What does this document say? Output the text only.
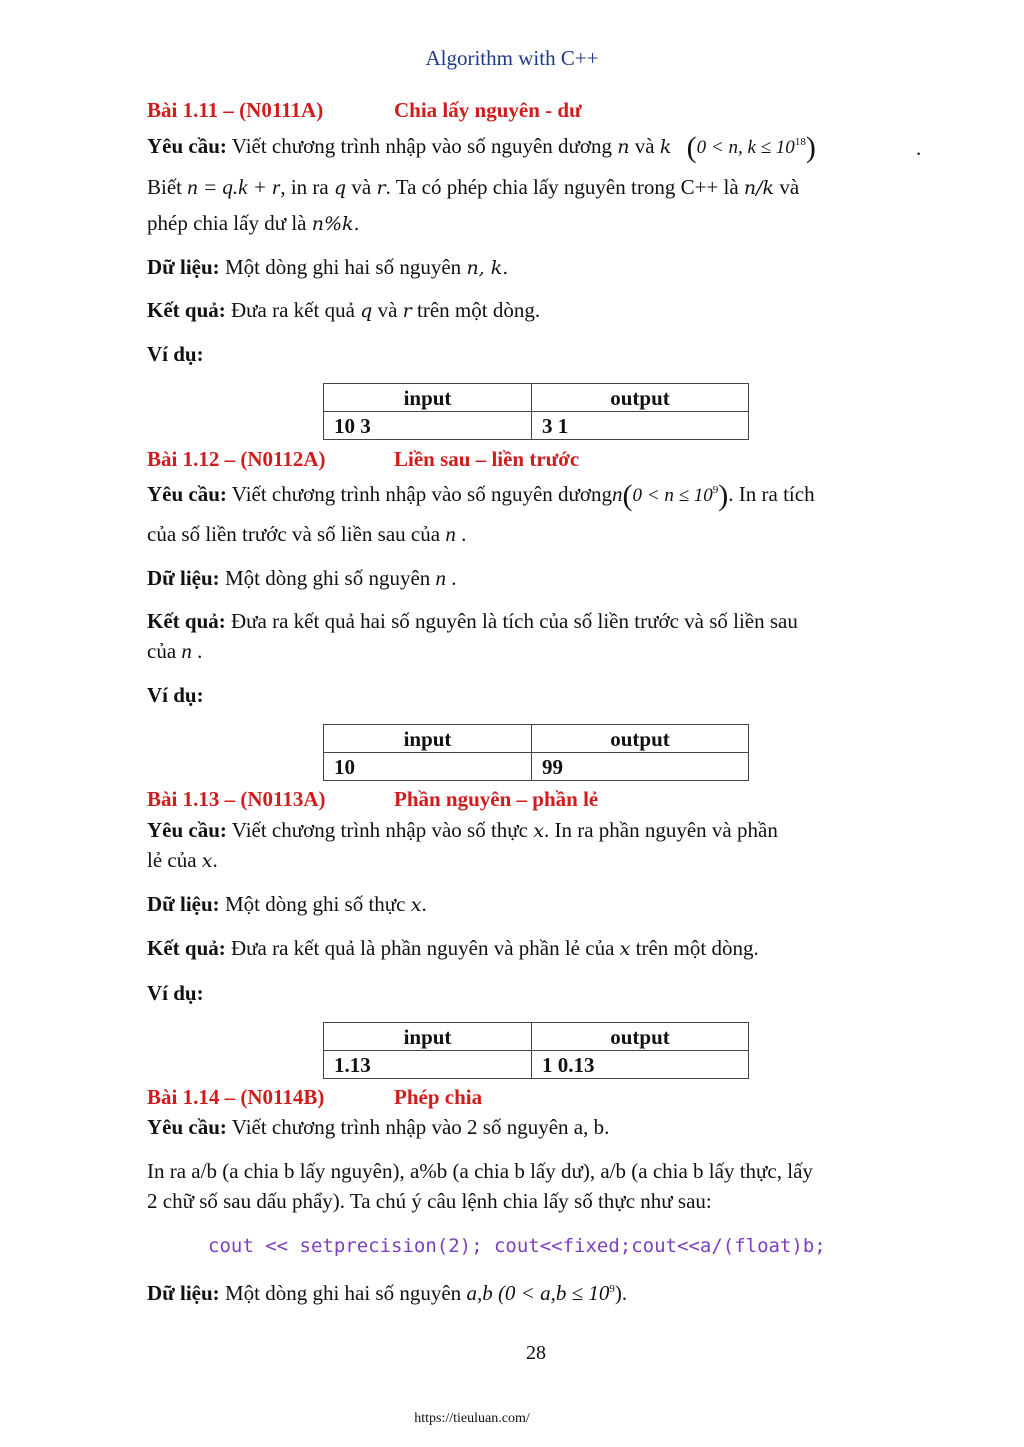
Algorithm with C++
Bài 1.11 – (N0111A)	Chia lấy nguyên - dư
Yêu cầu: Viết chương trình nhập vào số nguyên dương n và k (0 < n, $k \le 10^{18}$)	.
Biết n = q.k + r, in ra q và r. Ta có phép chia lấy nguyên trong C++ là n/k và
phép chia lấy dư là n%k.
Dữ liệu: Một dòng ghi hai số nguyên n, k.
Kết quả: Đưa ra kết quả q và r trên một dòng.
Ví dụ:
input	output
10 3	3 1
Bài 1.12 – (N0112A)	Liền sau – liền trước
Yêu cầu: Viết chương trình nhập vào số nguyên dươngn(0 < $n \le 10^9$). In ra tích
của số liền trước và số liền sau của n .
Dữ liệu: Một dòng ghi số nguyên n .
Kết quả: Đưa ra kết quả hai số nguyên là tích của số liền trước và số liền sau
của n .
Ví dụ:
input	output
10	99
Bài 1.13 – (N0113A)	Phần nguyên – phần lẻ
Yêu cầu: Viết chương trình nhập vào số thực x. In ra phần nguyên và phần
lẻ của x.
Dữ liệu: Một dòng ghi số thực x.
Kết quả: Đưa ra kết quả là phần nguyên và phần lẻ của x trên một dòng.
Ví dụ:
input	output
1.13	1 0.13
Bài 1.14 – (N0114B)	Phép chia
Yêu cầu: Viết chương trình nhập vào 2 số nguyên a, b.
In ra a/b (a chia b lấy nguyên), a%b (a chia b lấy dư), a/b (a chia b lấy thực, lấy
2 chữ số sau dấu phẩy). Ta chú ý câu lệnh chia lấy số thực như sau:
cout << setprecision(2); cout<<fixed;cout<<a/(float)b;
Dữ liệu: Một dòng ghi hai số nguyên a,b $(0 < a,b \le 10^9)$.
28
https://tieuluan.com/
